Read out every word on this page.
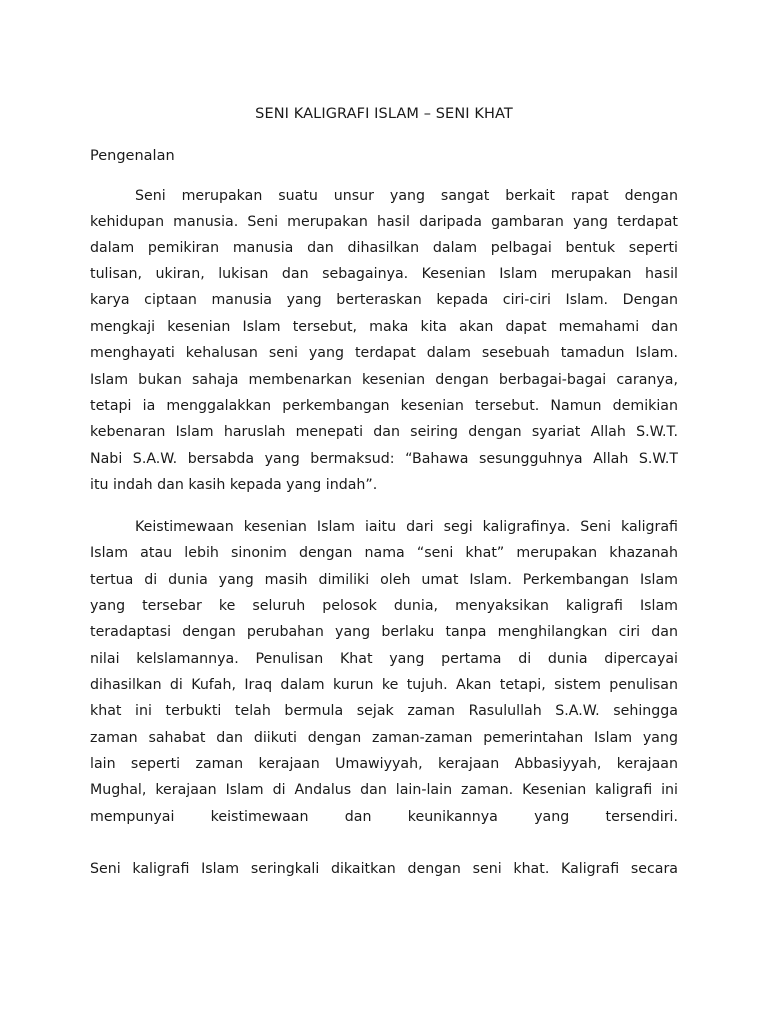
SENI KALIGRAFI ISLAM – SENI KHAT
Pengenalan
Seni merupakan suatu unsur yang sangat berkait rapat dengan
kehidupan manusia. Seni merupakan hasil daripada gambaran yang terdapat
dalam pemikiran manusia dan dihasilkan dalam pelbagai bentuk seperti
tulisan, ukiran, lukisan dan sebagainya. Kesenian Islam merupakan hasil
karya ciptaan manusia yang berteraskan kepada ciri-ciri Islam. Dengan
mengkaji kesenian Islam tersebut, maka kita akan dapat memahami dan
menghayati kehalusan seni yang terdapat dalam sesebuah tamadun Islam.
Islam bukan sahaja membenarkan kesenian dengan berbagai-bagai caranya,
tetapi ia menggalakkan perkembangan kesenian tersebut. Namun demikian
kebenaran Islam haruslah menepati dan seiring dengan syariat Allah S.W.T.
Nabi S.A.W. bersabda yang bermaksud: “Bahawa sesungguhnya Allah S.W.T
itu indah dan kasih kepada yang indah”.
Keistimewaan kesenian Islam iaitu dari segi kaligrafinya. Seni kaligrafi
Islam atau lebih sinonim dengan nama “seni khat” merupakan khazanah
tertua di dunia yang masih dimiliki oleh umat Islam. Perkembangan Islam
yang tersebar ke seluruh pelosok dunia, menyaksikan kaligrafi Islam
teradaptasi dengan perubahan yang berlaku tanpa menghilangkan ciri dan
nilai kelslamannya. Penulisan Khat yang pertama di dunia dipercayai
dihasilkan di Kufah, Iraq dalam kurun ke tujuh. Akan tetapi, sistem penulisan
khat ini terbukti telah bermula sejak zaman Rasulullah S.A.W. sehingga
zaman sahabat dan diikuti dengan zaman-zaman pemerintahan Islam yang
lain seperti zaman kerajaan Umawiyyah, kerajaan Abbasiyyah, kerajaan
Mughal, kerajaan Islam di Andalus dan lain-lain zaman. Kesenian kaligrafi ini
mempunyai keistimewaan dan keunikannya yang tersendiri.
Seni kaligrafi Islam seringkali dikaitkan dengan seni khat. Kaligrafi secara
